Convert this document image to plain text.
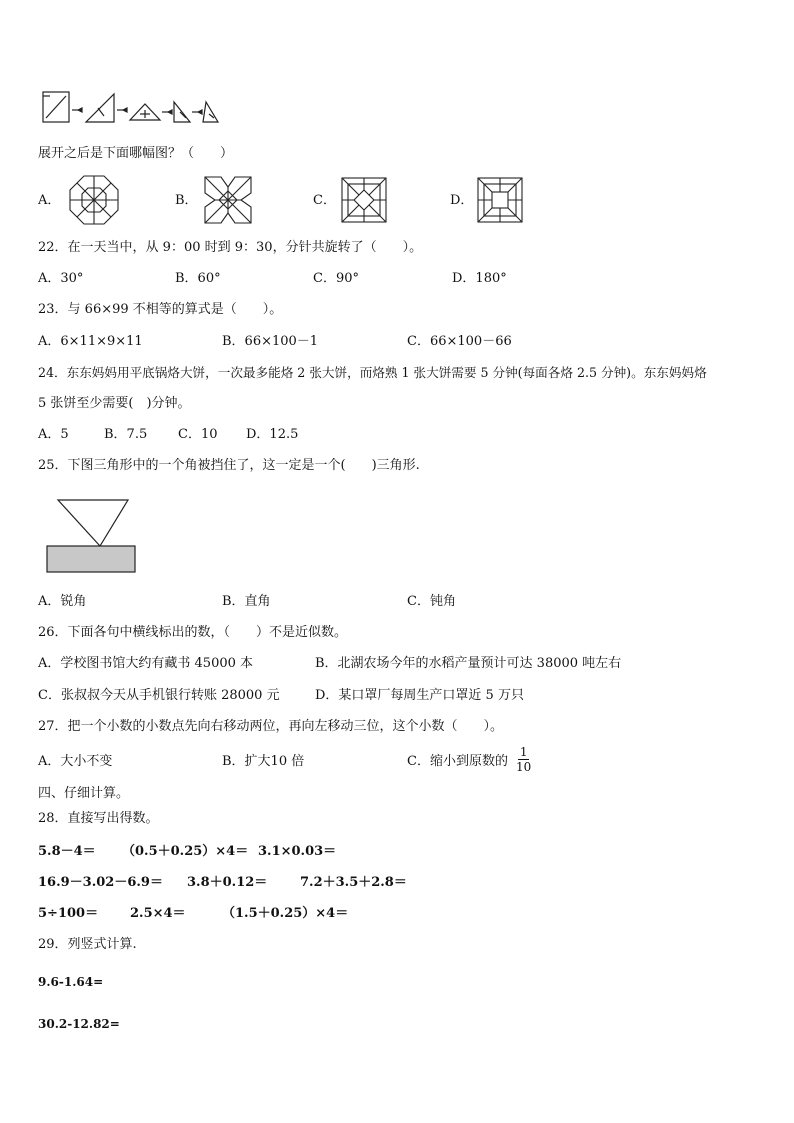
展开之后是下面哪幅图？（　　）
A．	B．	C．	D．
22．在一天当中，从 9：00 时到 9：30，分针共旋转了（　　）。
A．30°	B．60°	C．90°	D．180°
23．与 66×99 不相等的算式是（　　）。
A．6×11×9×11	B．66×100－1	C．66×100－66
24．东东妈妈用平底锅烙大饼，一次最多能烙 2 张大饼，而烙熟 1 张大饼需要 5 分钟(每面各烙 2.5 分钟)。东东妈妈烙
5 张饼至少需要(　)分钟。
A．5	B．7.5 C．10 D．12.5
25．下图三角形中的一个角被挡住了，这一定是一个(　　)三角形.
A．锐角	B．直角	C．钝角
26．下面各句中横线标出的数，（　　）不是近似数。
A．学校图书馆大约有藏书 45000 本	B．北湖农场今年的水稻产量预计可达 38000 吨左右
C．张叔叔今天从手机银行转账 28000 元	D．某口罩厂每周生产口罩近 5 万只
27．把一个小数的小数点先向右移动两位，再向左移动三位，这个小数（　　）。
A．大小不变	B．扩大10 倍	C．缩小到原数的 $\frac{1}{10}$
四、仔细计算。
28．直接写出得数。
5.8－4＝ （0.5＋0.25）×4＝ 3.1×0.03＝
16.9－3.02－6.9＝ 3.8＋0.12＝	7.2＋3.5＋2.8＝
5÷100＝ 2.5×4＝	（1.5＋0.25）×4＝
29．列竖式计算.
9.6-1.64=
30.2-12.82=
